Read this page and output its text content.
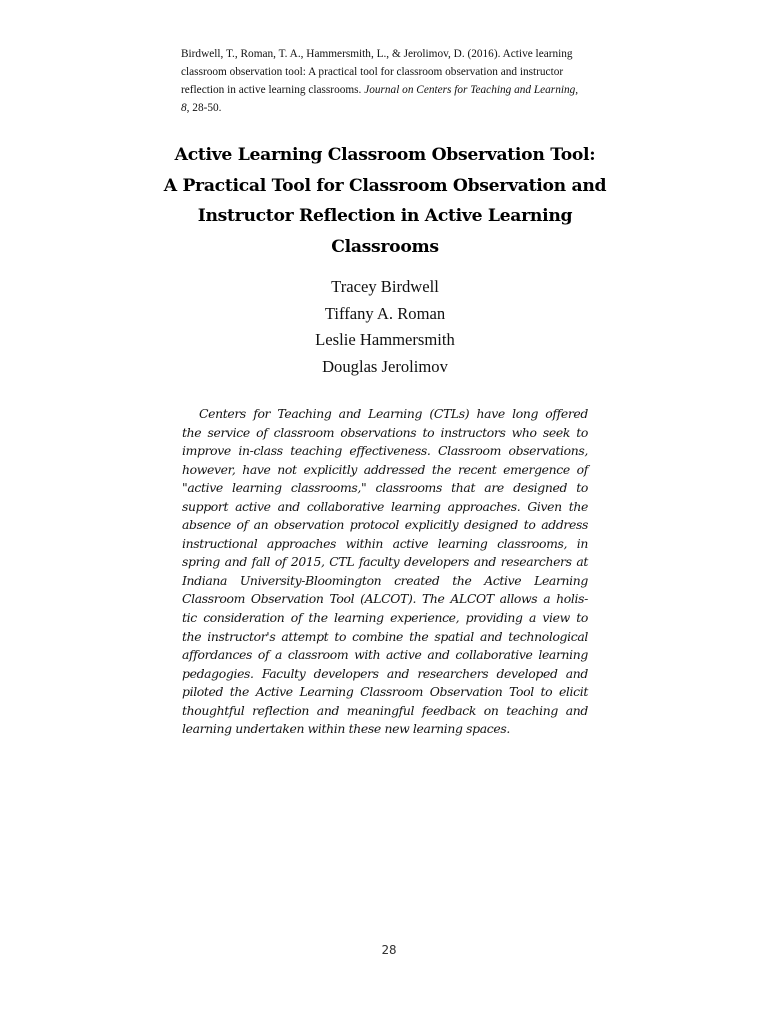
Birdwell, T., Roman, T. A., Hammersmith, L., & Jerolimov, D. (2016). Active learning
classroom observation tool: A practical tool for classroom observation and instructor
reflection in active learning classrooms. Journal on Centers for Teaching and Learning,
8, 28-50.
Active Learning Classroom Observation Tool:
A Practical Tool for Classroom Observation and
Instructor Reflection in Active Learning
Classrooms
Tracey Birdwell
Tiffany A. Roman
Leslie Hammersmith
Douglas Jerolimov
Centers for Teaching and Learning (CTLs) have long offered
the service of classroom observations to instructors who seek to
improve in-class teaching effectiveness. Classroom observations,
however, have not explicitly addressed the recent emergence of
"active learning classrooms," classrooms that are designed to
support active and collaborative learning approaches. Given the
absence of an observation protocol explicitly designed to address
instructional approaches within active learning classrooms, in
spring and fall of 2015, CTL faculty developers and researchers at
Indiana University-Bloomington created the Active Learning
Classroom Observation Tool (ALCOT). The ALCOT allows a holis-
tic consideration of the learning experience, providing a view to
the instructor's attempt to combine the spatial and technological
affordances of a classroom with active and collaborative learning
pedagogies. Faculty developers and researchers developed and
piloted the Active Learning Classroom Observation Tool to elicit
thoughtful reflection and meaningful feedback on teaching and
learning undertaken within these new learning spaces.
28
